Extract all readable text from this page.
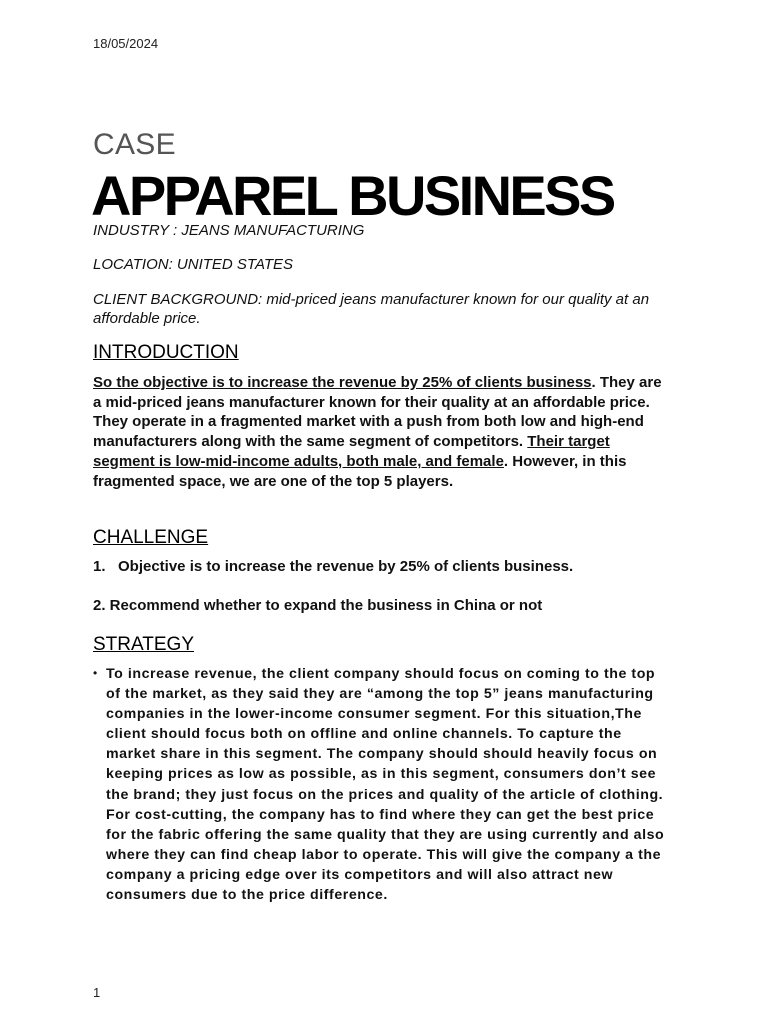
18/05/2024
CASE
APPAREL BUSINESS
INDUSTRY : JEANS MANUFACTURING
LOCATION: UNITED STATES
CLIENT BACKGROUND: mid-priced jeans manufacturer known for our quality at an affordable price.
INTRODUCTION
So the objective is to increase the revenue by 25% of clients business. They are a mid-priced jeans manufacturer known for their quality at an affordable price. They operate in a fragmented market with a push from both low and high-end manufacturers along with the same segment of competitors. Their target segment is low-mid-income adults, both male, and female. However, in this fragmented space, we are one of the top 5 players.
CHALLENGE
1. Objective is to increase the revenue by 25% of clients business.
2. Recommend whether to expand the business in China or not
STRATEGY
• To increase revenue, the client company should focus on coming to the top of the market, as they said they are “among the top 5” jeans manufacturing companies in the lower-income consumer segment. For this situation,The client should focus both on offline and online channels. To capture the market share in this segment. The company should should heavily focus on keeping prices as low as possible, as in this segment, consumers don’t see the brand; they just focus on the prices and quality of the article of clothing. For cost-cutting, the company has to find where they can get the best price for the fabric offering the same quality that they are using currently and also where they can find cheap labor to operate. This will give the company a the company a pricing edge over its competitors and will also attract new consumers due to the price difference.
1
